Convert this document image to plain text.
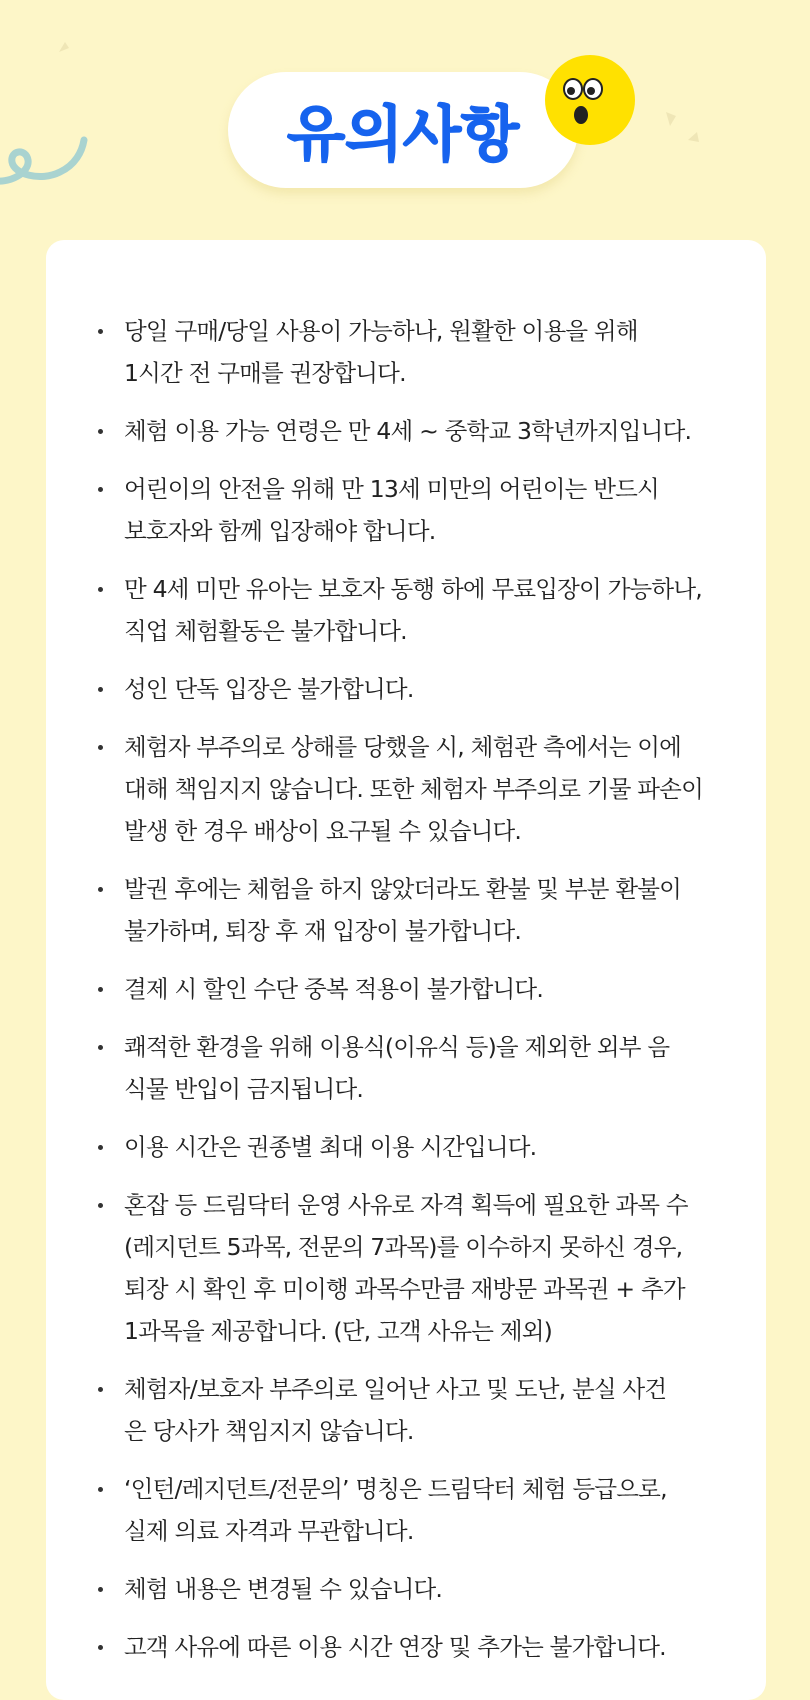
유의사항
당일 구매/당일 사용이 가능하나, 원활한 이용을 위해
1시간 전 구매를 권장합니다.
체험 이용 가능 연령은 만 4세 ~ 중학교 3학년까지입니다.
어린이의 안전을 위해 만 13세 미만의 어린이는 반드시
보호자와 함께 입장해야 합니다.
만 4세 미만 유아는 보호자 동행 하에 무료입장이 가능하나,
직업 체험활동은 불가합니다.
성인 단독 입장은 불가합니다.
체험자 부주의로 상해를 당했을 시, 체험관 측에서는 이에
대해 책임지지 않습니다. 또한 체험자 부주의로 기물 파손이
발생 한 경우 배상이 요구될 수 있습니다.
발권 후에는 체험을 하지 않았더라도 환불 및 부분 환불이
불가하며, 퇴장 후 재 입장이 불가합니다.
결제 시 할인 수단 중복 적용이 불가합니다.
쾌적한 환경을 위해 이용식(이유식 등)을 제외한 외부 음
식물 반입이 금지됩니다.
이용 시간은 권종별 최대 이용 시간입니다.
혼잡 등 드림닥터 운영 사유로 자격 획득에 필요한 과목 수
(레지던트 5과목, 전문의 7과목)를 이수하지 못하신 경우,
퇴장 시 확인 후 미이행 과목수만큼 재방문 과목권 + 추가
1과목을 제공합니다. (단, 고객 사유는 제외)
체험자/보호자 부주의로 일어난 사고 및 도난, 분실 사건
은 당사가 책임지지 않습니다.
‘인턴/레지던트/전문의’ 명칭은 드림닥터 체험 등급으로,
실제 의료 자격과 무관합니다.
체험 내용은 변경될 수 있습니다.
고객 사유에 따른 이용 시간 연장 및 추가는 불가합니다.
